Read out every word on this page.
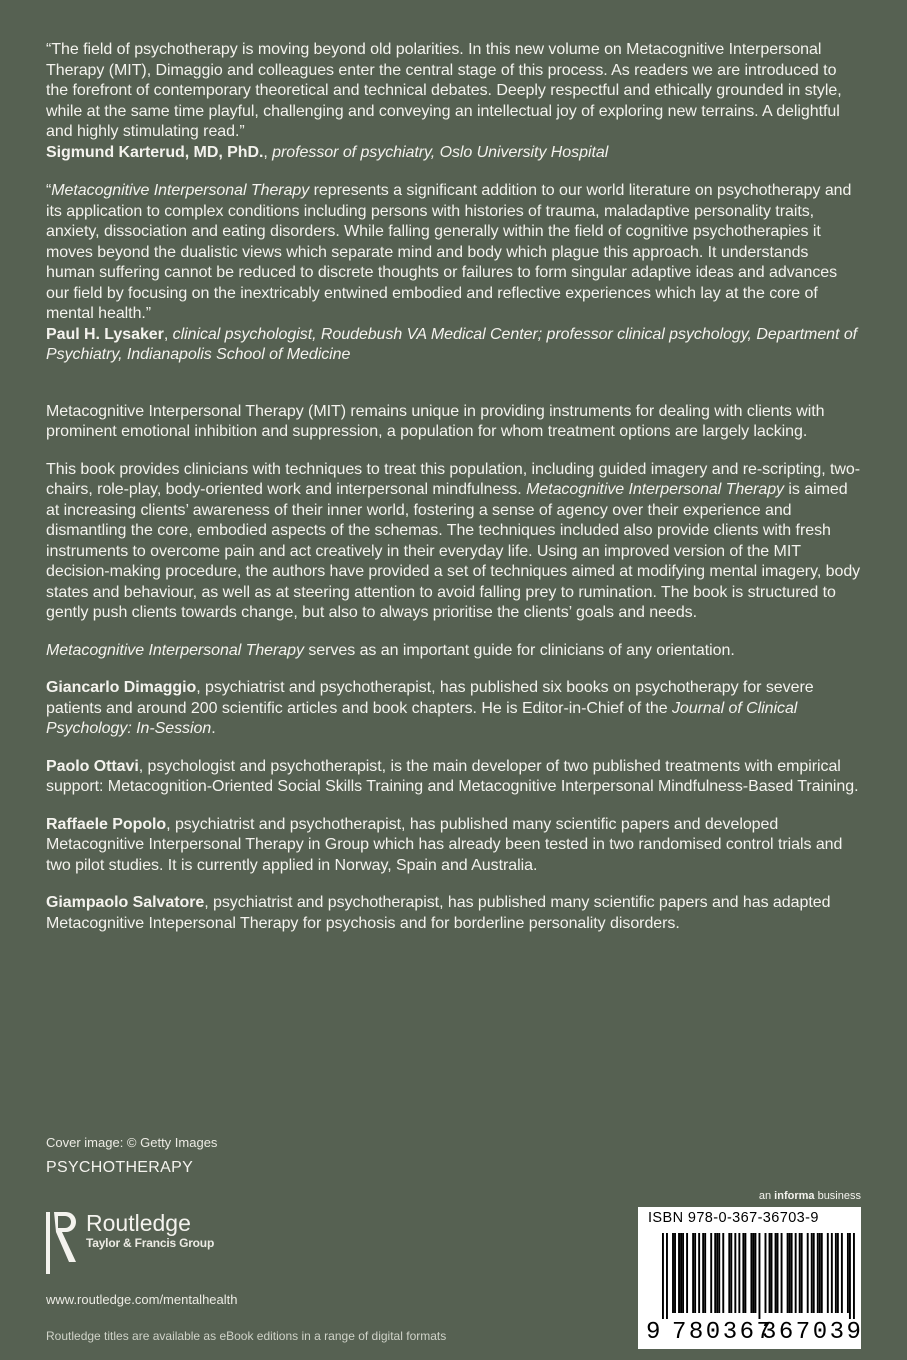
“The field of psychotherapy is moving beyond old polarities. In this new volume on Metacognitive Interpersonal Therapy (MIT), Dimaggio and colleagues enter the central stage of this process. As readers we are introduced to the forefront of contemporary theoretical and technical debates. Deeply respectful and ethically grounded in style, while at the same time playful, challenging and conveying an intellectual joy of exploring new terrains. A delightful and highly stimulating read.”
Sigmund Karterud, MD, PhD., professor of psychiatry, Oslo University Hospital

“Metacognitive Interpersonal Therapy represents a significant addition to our world literature on psychotherapy and its application to complex conditions including persons with histories of trauma, maladaptive personality traits, anxiety, dissociation and eating disorders. While falling generally within the field of cognitive psychotherapies it moves beyond the dualistic views which separate mind and body which plague this approach. It understands human suffering cannot be reduced to discrete thoughts or failures to form singular adaptive ideas and advances our field by focusing on the inextricably entwined embodied and reflective experiences which lay at the core of mental health.”
Paul H. Lysaker, clinical psychologist, Roudebush VA Medical Center; professor clinical psychology, Department of Psychiatry, Indianapolis School of Medicine

Metacognitive Interpersonal Therapy (MIT) remains unique in providing instruments for dealing with clients with prominent emotional inhibition and suppression, a population for whom treatment options are largely lacking.

This book provides clinicians with techniques to treat this population, including guided imagery and re-scripting, two-chairs, role-play, body-oriented work and interpersonal mindfulness. Metacognitive Interpersonal Therapy is aimed at increasing clients’ awareness of their inner world, fostering a sense of agency over their experience and dismantling the core, embodied aspects of the schemas. The techniques included also provide clients with fresh instruments to overcome pain and act creatively in their everyday life. Using an improved version of the MIT decision-making procedure, the authors have provided a set of techniques aimed at modifying mental imagery, body states and behaviour, as well as at steering attention to avoid falling prey to rumination. The book is structured to gently push clients towards change, but also to always prioritise the clients’ goals and needs.

Metacognitive Interpersonal Therapy serves as an important guide for clinicians of any orientation.

Giancarlo Dimaggio, psychiatrist and psychotherapist, has published six books on psychotherapy for severe patients and around 200 scientific articles and book chapters. He is Editor-in-Chief of the Journal of Clinical Psychology: In-Session.

Paolo Ottavi, psychologist and psychotherapist, is the main developer of two published treatments with empirical support: Metacognition-Oriented Social Skills Training and Metacognitive Interpersonal Mindfulness-Based Training.

Raffaele Popolo, psychiatrist and psychotherapist, has published many scientific papers and developed Metacognitive Interpersonal Therapy in Group which has already been tested in two randomised control trials and two pilot studies. It is currently applied in Norway, Spain and Australia.

Giampaolo Salvatore, psychiatrist and psychotherapist, has published many scientific papers and has adapted Metacognitive Intepersonal Therapy for psychosis and for borderline personality disorders.

Cover image: © Getty Images
PSYCHOTHERAPY
Routledge
Taylor & Francis Group
www.routledge.com/mentalhealth
Routledge titles are available as eBook editions in a range of digital formats
an informa business
ISBN 978-0-367-36703-9
9 780367
367039
